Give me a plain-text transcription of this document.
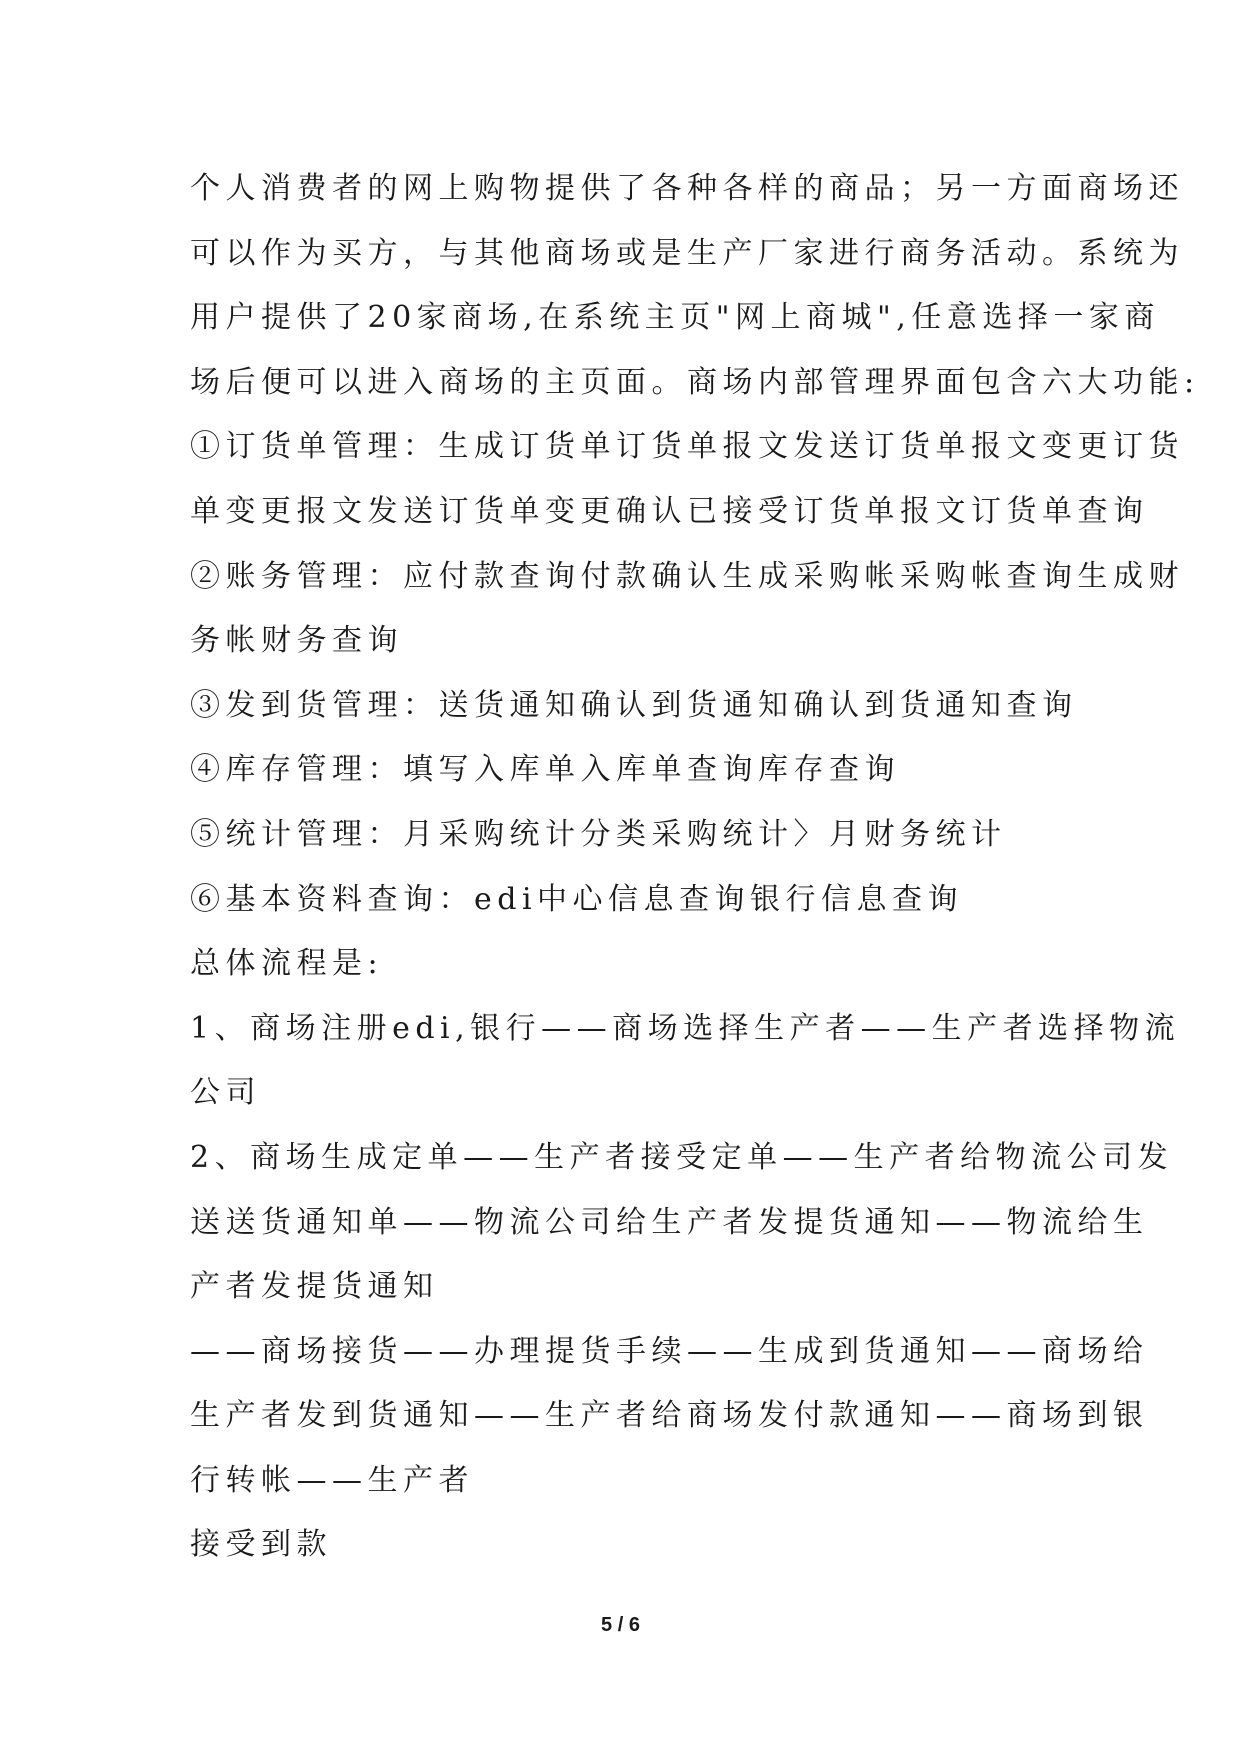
个人消费者的网上购物提供了各种各样的商品；另一方面商场还
可以作为买方，与其他商场或是生产厂家进行商务活动。系统为
用户提供了20家商场,在系统主页"网上商城",任意选择一家商
场后便可以进入商场的主页面。商场内部管理界面包含六大功能:
①订货单管理：生成订货单订货单报文发送订货单报文变更订货
单变更报文发送订货单变更确认已接受订货单报文订货单查询
②账务管理：应付款查询付款确认生成采购帐采购帐查询生成财
务帐财务查询
③发到货管理：送货通知确认到货通知确认到货通知查询
④库存管理：填写入库单入库单查询库存查询
⑤统计管理：月采购统计分类采购统计〉月财务统计
⑥基本资料查询：edi中心信息查询银行信息查询
总体流程是:
1、商场注册edi,银行——商场选择生产者——生产者选择物流
公司
2、商场生成定单——生产者接受定单——生产者给物流公司发
送送货通知单——物流公司给生产者发提货通知——物流给生
产者发提货通知
——商场接货——办理提货手续——生成到货通知——商场给
生产者发到货通知——生产者给商场发付款通知——商场到银
行转帐——生产者
接受到款
5 / 6
